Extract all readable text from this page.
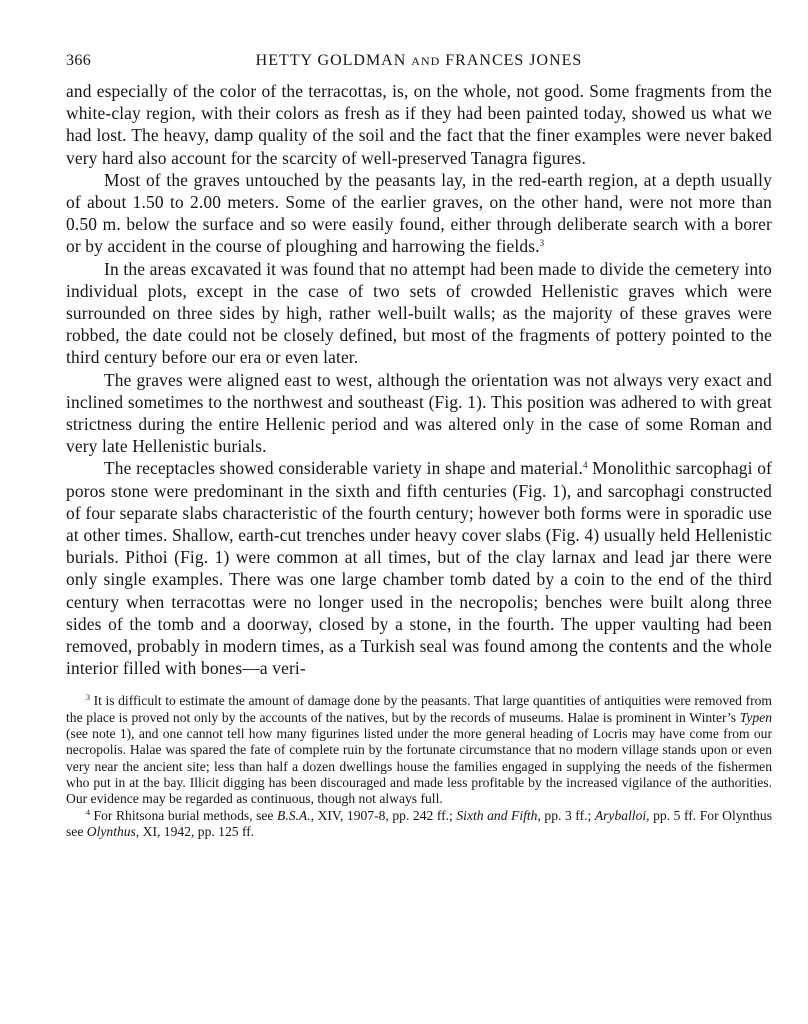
366	HETTY GOLDMAN AND FRANCES JONES

and especially of the color of the terracottas, is, on the whole, not good. Some fragments from the white-clay region, with their colors as fresh as if they had been painted today, showed us what we had lost. The heavy, damp quality of the soil and the fact that the finer examples were never baked very hard also account for the scarcity of well-preserved Tanagra figures.

Most of the graves untouched by the peasants lay, in the red-earth region, at a depth usually of about 1.50 to 2.00 meters. Some of the earlier graves, on the other hand, were not more than 0.50 m. below the surface and so were easily found, either through deliberate search with a borer or by accident in the course of ploughing and harrowing the fields.$^3$

In the areas excavated it was found that no attempt had been made to divide the cemetery into individual plots, except in the case of two sets of crowded Hellenistic graves which were surrounded on three sides by high, rather well-built walls; as the majority of these graves were robbed, the date could not be closely defined, but most of the fragments of pottery pointed to the third century before our era or even later.

The graves were aligned east to west, although the orientation was not always very exact and inclined sometimes to the northwest and southeast (Fig. 1). This position was adhered to with great strictness during the entire Hellenic period and was altered only in the case of some Roman and very late Hellenistic burials.

The receptacles showed considerable variety in shape and material.$^4$ Monolithic sarcophagi of poros stone were predominant in the sixth and fifth centuries (Fig. 1), and sarcophagi constructed of four separate slabs characteristic of the fourth century; however both forms were in sporadic use at other times. Shallow, earth-cut trenches under heavy cover slabs (Fig. 4) usually held Hellenistic burials. Pithoi (Fig. 1) were common at all times, but of the clay larnax and lead jar there were only single examples. There was one large chamber tomb dated by a coin to the end of the third century when terracottas were no longer used in the necropolis; benches were built along three sides of the tomb and a doorway, closed by a stone, in the fourth. The upper vaulting had been removed, probably in modern times, as a Turkish seal was found among the contents and the whole interior filled with bones—a veri-

$^3$ It is difficult to estimate the amount of damage done by the peasants. That large quantities of antiquities were removed from the place is proved not only by the accounts of the natives, but by the records of museums. Halae is prominent in Winter’s Typen (see note 1), and one cannot tell how many figurines listed under the more general heading of Locris may have come from our necropolis. Halae was spared the fate of complete ruin by the fortunate circumstance that no modern village stands upon or even very near the ancient site; less than half a dozen dwellings house the families engaged in supplying the needs of the fishermen who put in at the bay. Illicit digging has been discouraged and made less profitable by the increased vigilance of the authorities. Our evidence may be regarded as continuous, though not always full.

$^4$ For Rhitsona burial methods, see B.S.A., XIV, 1907-8, pp. 242 ff.; Sixth and Fifth, pp. 3 ff.; Aryballoi, pp. 5 ff. For Olynthus see Olynthus, XI, 1942, pp. 125 ff.
